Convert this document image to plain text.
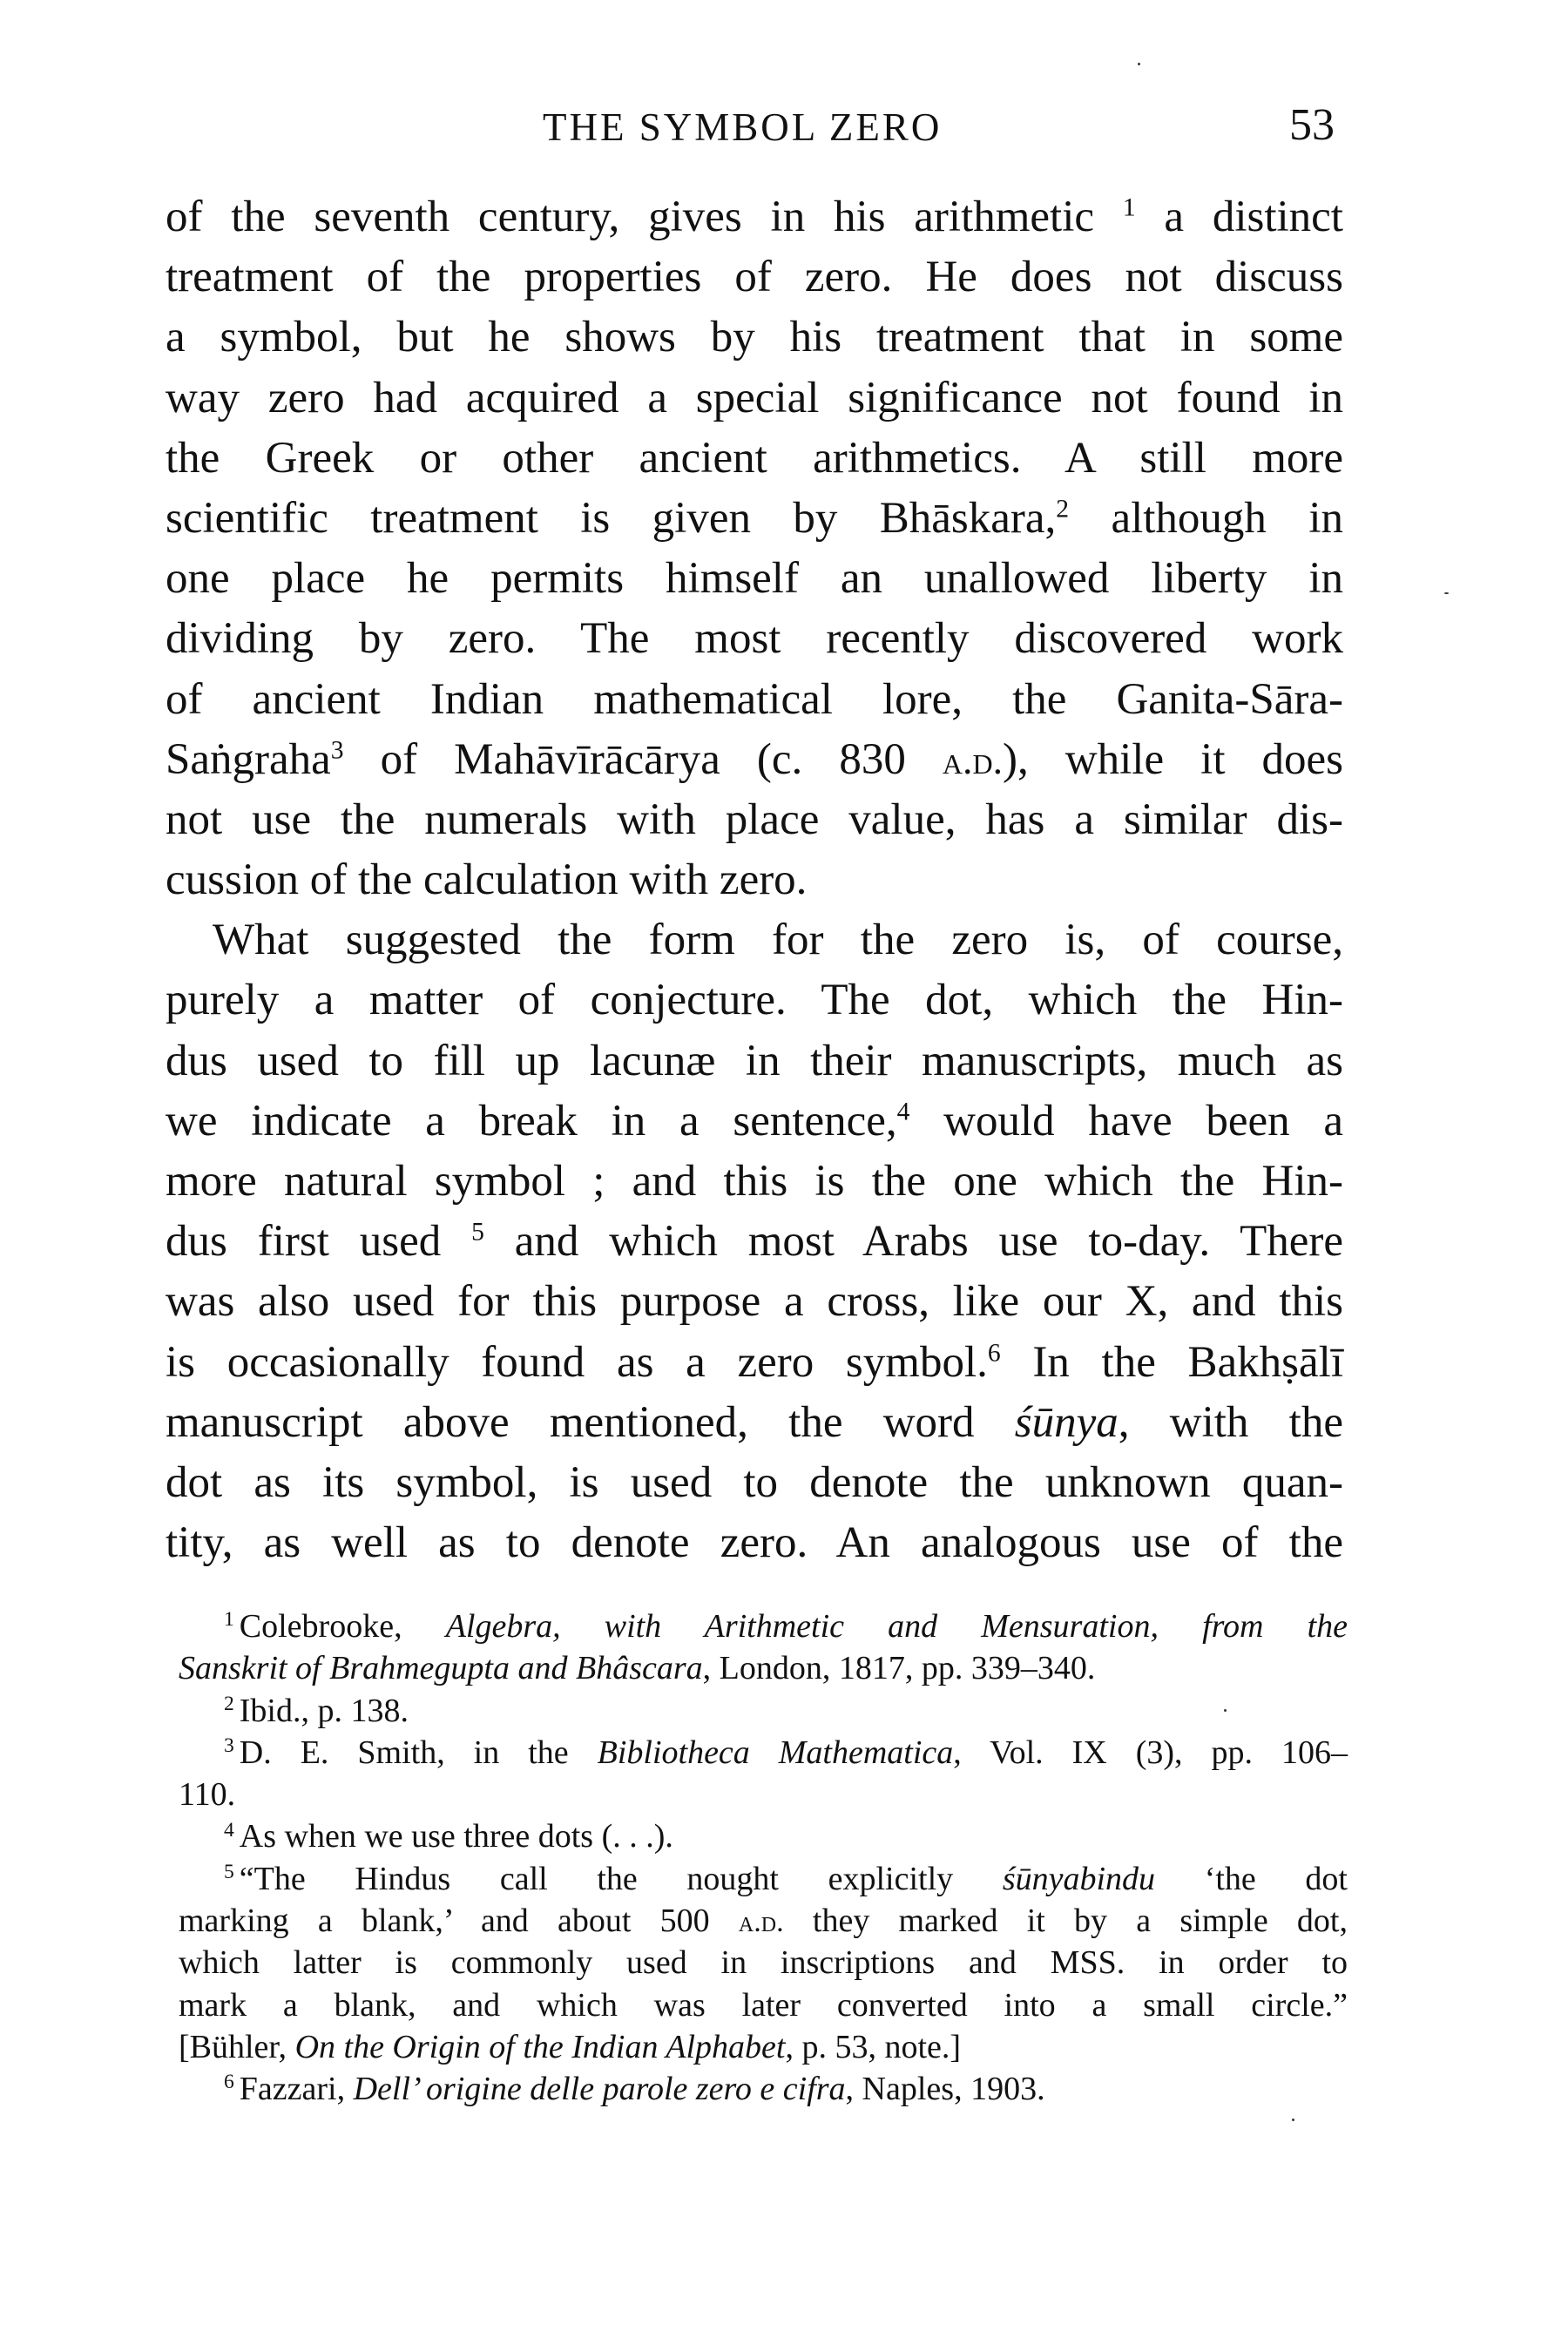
THE SYMBOL ZERO	53
of the seventh century, gives in his arithmetic $^1$ a distinct
treatment of the properties of zero. He does not discuss
a symbol, but he shows by his treatment that in some
way zero had acquired a special significance not found in
the Greek or other ancient arithmetics. A still more
scientific treatment is given by Bhāskara,$^2$ although in
one place he permits himself an unallowed liberty in
dividing by zero. The most recently discovered work
of ancient Indian mathematical lore, the Ganita-Sāra-
Saṅgraha$^3$ of Mahāvīrācārya (c. 830 a.d.), while it does
not use the numerals with place value, has a similar dis-
cussion of the calculation with zero.
What suggested the form for the zero is, of course,
purely a matter of conjecture. The dot, which the Hin-
dus used to fill up lacunæ in their manuscripts, much as
we indicate a break in a sentence,$^4$ would have been a
more natural symbol ; and this is the one which the Hin-
dus first used $^5$ and which most Arabs use to-day. There
was also used for this purpose a cross, like our X, and this
is occasionally found as a zero symbol.$^6$ In the Bakhṣālī
manuscript above mentioned, the word śūnya, with the
dot as its symbol, is used to denote the unknown quan-
tity, as well as to denote zero. An analogous use of the
$^1$ Colebrooke, Algebra, with Arithmetic and Mensuration, from the
Sanskrit of Brahmegupta and Bhâscara, London, 1817, pp. 339–340.
$^2$ Ibid., p. 138.
$^3$ D. E. Smith, in the Bibliotheca Mathematica, Vol. IX (3), pp. 106–
110.
$^4$ As when we use three dots (. . .).
$^5$ “The Hindus call the nought explicitly śūnyabindu ‘the dot
marking a blank,’ and about 500 a.d. they marked it by a simple dot,
which latter is commonly used in inscriptions and MSS. in order to
mark a blank, and which was later converted into a small circle.”
[Bühler, On the Origin of the Indian Alphabet, p. 53, note.]
$^6$ Fazzari, Dell’ origine delle parole zero e cifra, Naples, 1903.
